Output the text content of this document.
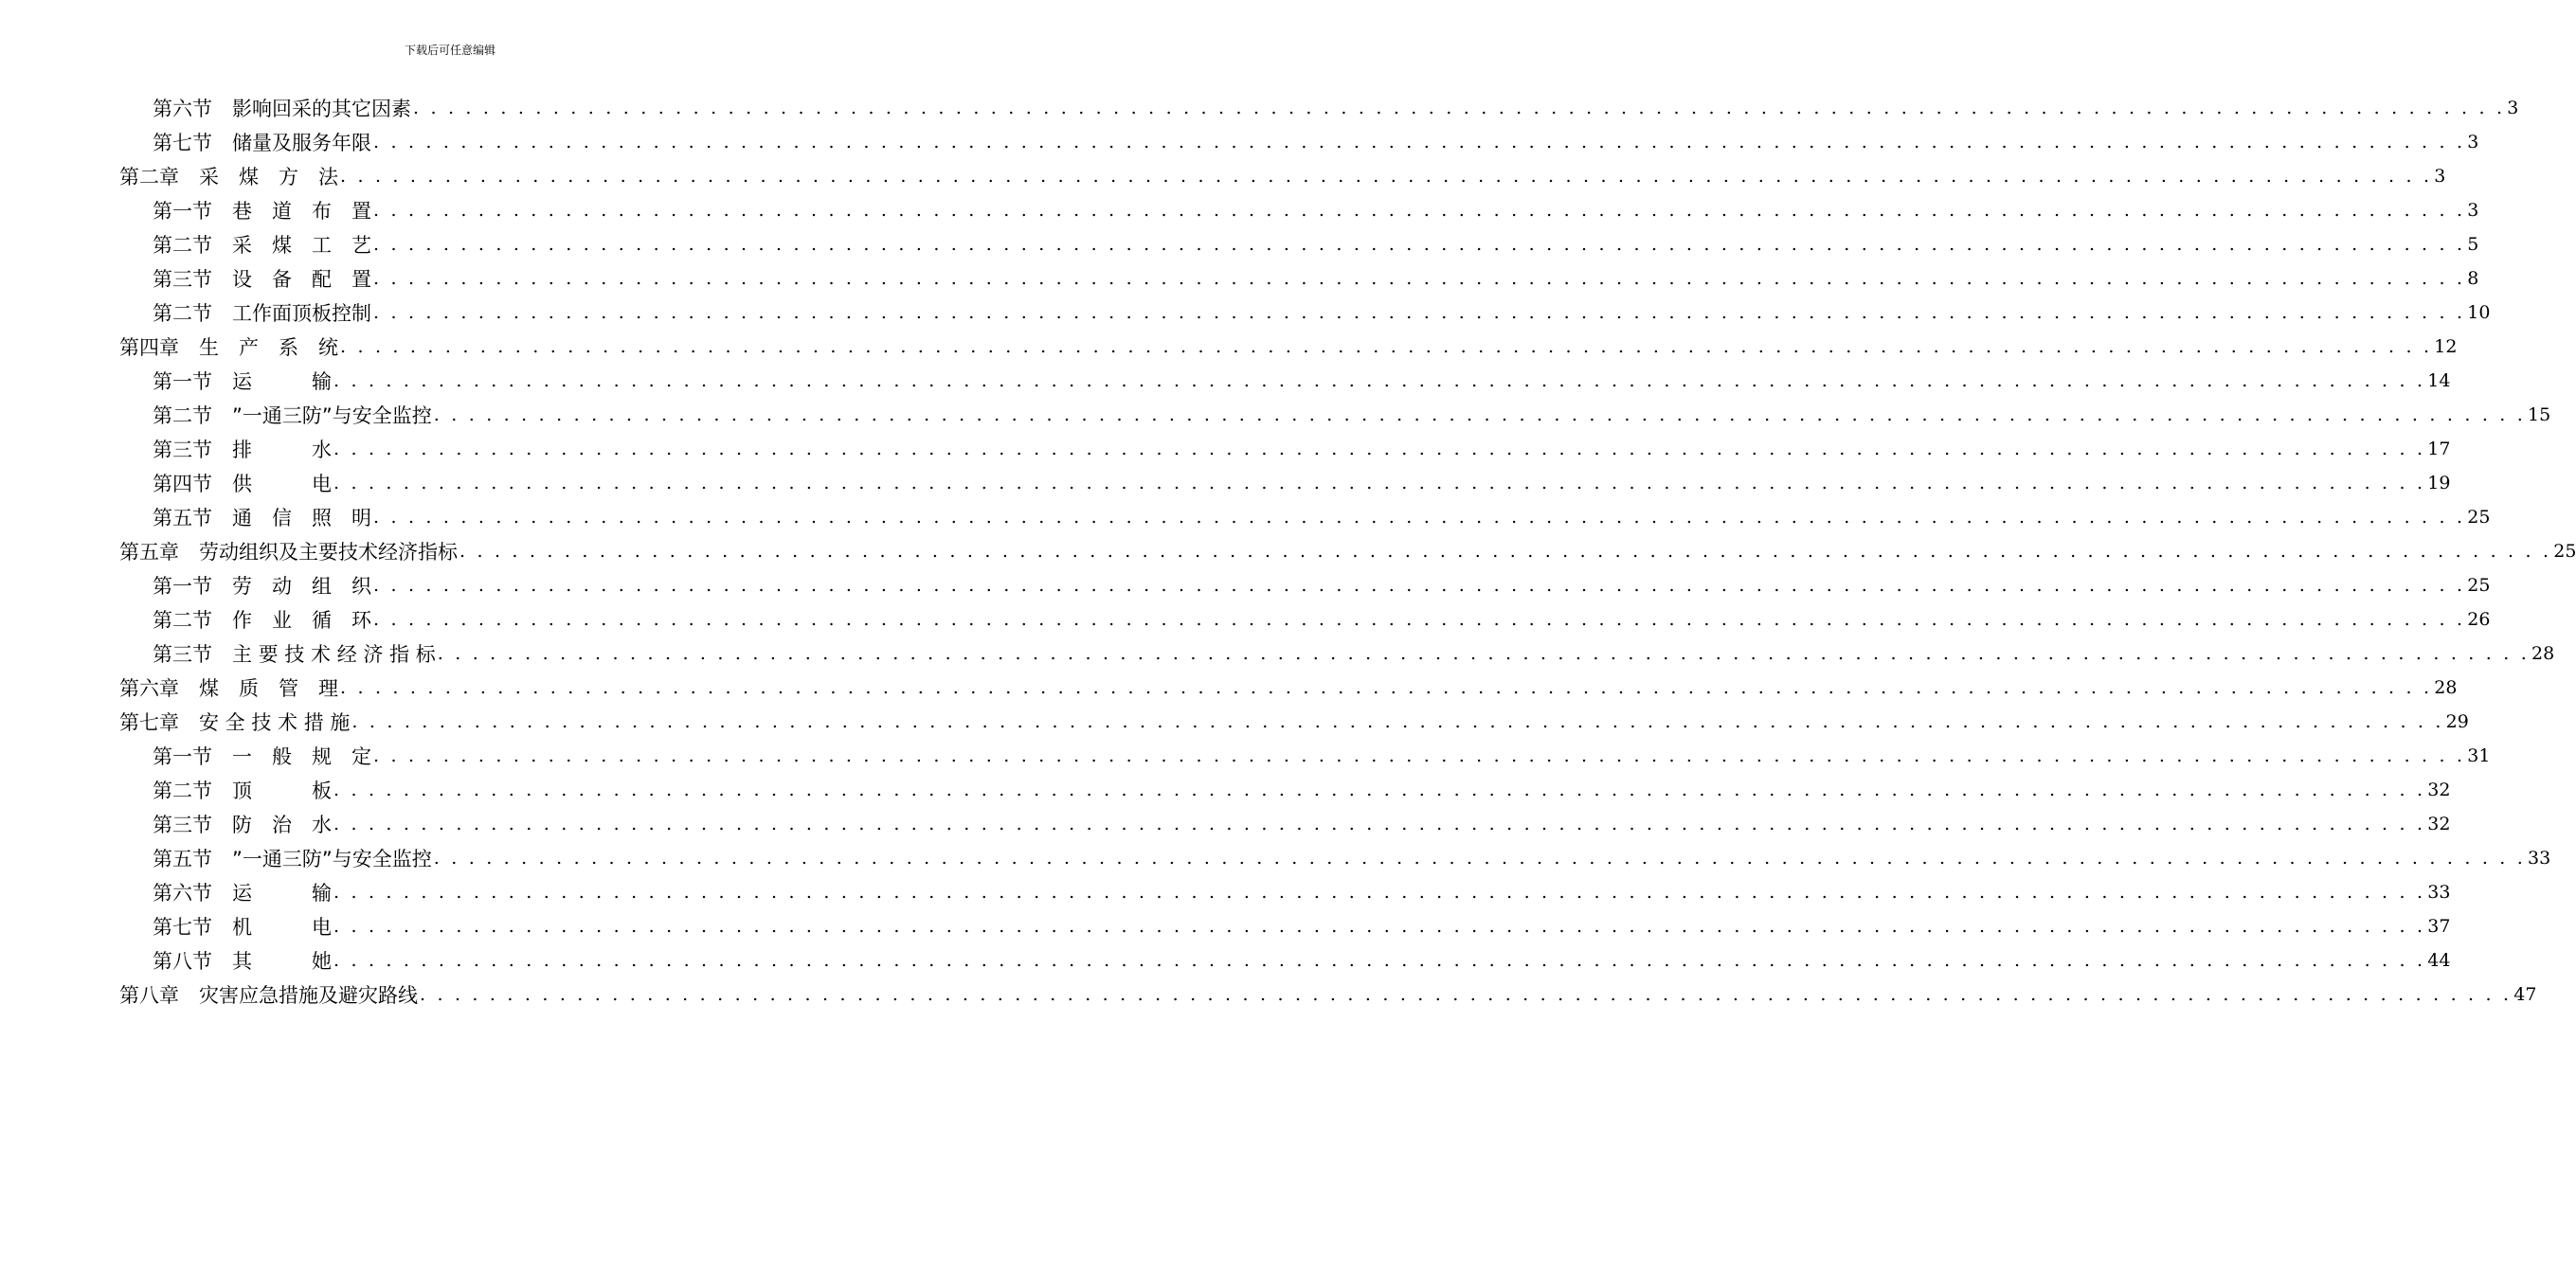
下载后可任意编辑
第六节　影响回采的其它因素 . . . . . . . . . . . . . . . . . . . . . . . . . . . . . . . . . . . . . . . . . . . . . . . . . . . . . . . . . . . . . . . . . . . . . . . . . . . . . . . . . . . . . . . . . . . . . . . . . . . . . . . . . . . . . . . . . . . . . . . . 3
第七节　储量及服务年限 . . . . . . . . . . . . . . . . . . . . . . . . . . . . . . . . . . . . . . . . . . . . . . . . . . . . . . . . . . . . . . . . . . . . . . . . . . . . . . . . . . . . . . . . . . . . . . . . . . . . . . . . . . . . . . . . . . . . . . . . 3
第二章　采　煤　方　法 . . . . . . . . . . . . . . . . . . . . . . . . . . . . . . . . . . . . . . . . . . . . . . . . . . . . . . . . . . . . . . . . . . . . . . . . . . . . . . . . . . . . . . . . . . . . . . . . . . . . . . . . . . . . . . . . . . . . . . . . 3
第一节　巷　道　布　置 . . . . . . . . . . . . . . . . . . . . . . . . . . . . . . . . . . . . . . . . . . . . . . . . . . . . . . . . . . . . . . . . . . . . . . . . . . . . . . . . . . . . . . . . . . . . . . . . . . . . . . . . . . . . . . . . . . . . . . . . 3
第二节　采　煤　工　艺 . . . . . . . . . . . . . . . . . . . . . . . . . . . . . . . . . . . . . . . . . . . . . . . . . . . . . . . . . . . . . . . . . . . . . . . . . . . . . . . . . . . . . . . . . . . . . . . . . . . . . . . . . . . . . . . . . . . . . . . . 5
第三节　设　备　配　置 . . . . . . . . . . . . . . . . . . . . . . . . . . . . . . . . . . . . . . . . . . . . . . . . . . . . . . . . . . . . . . . . . . . . . . . . . . . . . . . . . . . . . . . . . . . . . . . . . . . . . . . . . . . . . . . . . . . . . . . . 8
第二节　工作面顶板控制 . . . . . . . . . . . . . . . . . . . . . . . . . . . . . . . . . . . . . . . . . . . . . . . . . . . . . . . . . . . . . . . . . . . . . . . . . . . . . . . . . . . . . . . . . . . . . . . . . . . . . . . . . . . . . . . . . . . . . . . . 10
第四章　生　产　系　统 . . . . . . . . . . . . . . . . . . . . . . . . . . . . . . . . . . . . . . . . . . . . . . . . . . . . . . . . . . . . . . . . . . . . . . . . . . . . . . . . . . . . . . . . . . . . . . . . . . . . . . . . . . . . . . . . . . . . . . . . 12
第一节　运　　　输 . . . . . . . . . . . . . . . . . . . . . . . . . . . . . . . . . . . . . . . . . . . . . . . . . . . . . . . . . . . . . . . . . . . . . . . . . . . . . . . . . . . . . . . . . . . . . . . . . . . . . . . . . . . . . . . . . . . . . . . . 14
第二节　”一通三防”与安全监控 . . . . . . . . . . . . . . . . . . . . . . . . . . . . . . . . . . . . . . . . . . . . . . . . . . . . . . . . . . . . . . . . . . . . . . . . . . . . . . . . . . . . . . . . . . . . . . . . . . . . . . . . . . . . . . . . . . . . . . . . 15
第三节　排　　　水 . . . . . . . . . . . . . . . . . . . . . . . . . . . . . . . . . . . . . . . . . . . . . . . . . . . . . . . . . . . . . . . . . . . . . . . . . . . . . . . . . . . . . . . . . . . . . . . . . . . . . . . . . . . . . . . . . . . . . . . . 17
第四节　供　　　电 . . . . . . . . . . . . . . . . . . . . . . . . . . . . . . . . . . . . . . . . . . . . . . . . . . . . . . . . . . . . . . . . . . . . . . . . . . . . . . . . . . . . . . . . . . . . . . . . . . . . . . . . . . . . . . . . . . . . . . . . 19
第五节　通　信　照　明 . . . . . . . . . . . . . . . . . . . . . . . . . . . . . . . . . . . . . . . . . . . . . . . . . . . . . . . . . . . . . . . . . . . . . . . . . . . . . . . . . . . . . . . . . . . . . . . . . . . . . . . . . . . . . . . . . . . . . . . . 25
第五章　劳动组织及主要技术经济指标 . . . . . . . . . . . . . . . . . . . . . . . . . . . . . . . . . . . . . . . . . . . . . . . . . . . . . . . . . . . . . . . . . . . . . . . . . . . . . . . . . . . . . . . . . . . . . . . . . . . . . . . . . . . . . . . . . . . . . . . . 25
第一节　劳　动　组　织 . . . . . . . . . . . . . . . . . . . . . . . . . . . . . . . . . . . . . . . . . . . . . . . . . . . . . . . . . . . . . . . . . . . . . . . . . . . . . . . . . . . . . . . . . . . . . . . . . . . . . . . . . . . . . . . . . . . . . . . . 25
第二节　作　业　循　环 . . . . . . . . . . . . . . . . . . . . . . . . . . . . . . . . . . . . . . . . . . . . . . . . . . . . . . . . . . . . . . . . . . . . . . . . . . . . . . . . . . . . . . . . . . . . . . . . . . . . . . . . . . . . . . . . . . . . . . . . 26
第三节　主 要 技 术 经 济 指 标 . . . . . . . . . . . . . . . . . . . . . . . . . . . . . . . . . . . . . . . . . . . . . . . . . . . . . . . . . . . . . . . . . . . . . . . . . . . . . . . . . . . . . . . . . . . . . . . . . . . . . . . . . . . . . . . . . . . . . . . . 28
第六章　煤　质　管　理 . . . . . . . . . . . . . . . . . . . . . . . . . . . . . . . . . . . . . . . . . . . . . . . . . . . . . . . . . . . . . . . . . . . . . . . . . . . . . . . . . . . . . . . . . . . . . . . . . . . . . . . . . . . . . . . . . . . . . . . . 28
第七章　安 全 技 术 措 施 . . . . . . . . . . . . . . . . . . . . . . . . . . . . . . . . . . . . . . . . . . . . . . . . . . . . . . . . . . . . . . . . . . . . . . . . . . . . . . . . . . . . . . . . . . . . . . . . . . . . . . . . . . . . . . . . . . . . . . . . 29
第一节　一　般　规　定 . . . . . . . . . . . . . . . . . . . . . . . . . . . . . . . . . . . . . . . . . . . . . . . . . . . . . . . . . . . . . . . . . . . . . . . . . . . . . . . . . . . . . . . . . . . . . . . . . . . . . . . . . . . . . . . . . . . . . . . . 31
第二节　顶　　　板 . . . . . . . . . . . . . . . . . . . . . . . . . . . . . . . . . . . . . . . . . . . . . . . . . . . . . . . . . . . . . . . . . . . . . . . . . . . . . . . . . . . . . . . . . . . . . . . . . . . . . . . . . . . . . . . . . . . . . . . . 32
第三节　防　治　水 . . . . . . . . . . . . . . . . . . . . . . . . . . . . . . . . . . . . . . . . . . . . . . . . . . . . . . . . . . . . . . . . . . . . . . . . . . . . . . . . . . . . . . . . . . . . . . . . . . . . . . . . . . . . . . . . . . . . . . . . 32
第五节　”一通三防”与安全监控 . . . . . . . . . . . . . . . . . . . . . . . . . . . . . . . . . . . . . . . . . . . . . . . . . . . . . . . . . . . . . . . . . . . . . . . . . . . . . . . . . . . . . . . . . . . . . . . . . . . . . . . . . . . . . . . . . . . . . . . . 33
第六节　运　　　输 . . . . . . . . . . . . . . . . . . . . . . . . . . . . . . . . . . . . . . . . . . . . . . . . . . . . . . . . . . . . . . . . . . . . . . . . . . . . . . . . . . . . . . . . . . . . . . . . . . . . . . . . . . . . . . . . . . . . . . . . 33
第七节　机　　　电 . . . . . . . . . . . . . . . . . . . . . . . . . . . . . . . . . . . . . . . . . . . . . . . . . . . . . . . . . . . . . . . . . . . . . . . . . . . . . . . . . . . . . . . . . . . . . . . . . . . . . . . . . . . . . . . . . . . . . . . . 37
第八节　其　　　她 . . . . . . . . . . . . . . . . . . . . . . . . . . . . . . . . . . . . . . . . . . . . . . . . . . . . . . . . . . . . . . . . . . . . . . . . . . . . . . . . . . . . . . . . . . . . . . . . . . . . . . . . . . . . . . . . . . . . . . . . 44
第八章　灾害应急措施及避灾路线 . . . . . . . . . . . . . . . . . . . . . . . . . . . . . . . . . . . . . . . . . . . . . . . . . . . . . . . . . . . . . . . . . . . . . . . . . . . . . . . . . . . . . . . . . . . . . . . . . . . . . . . . . . . . . . . . . . . . . . . . 47
